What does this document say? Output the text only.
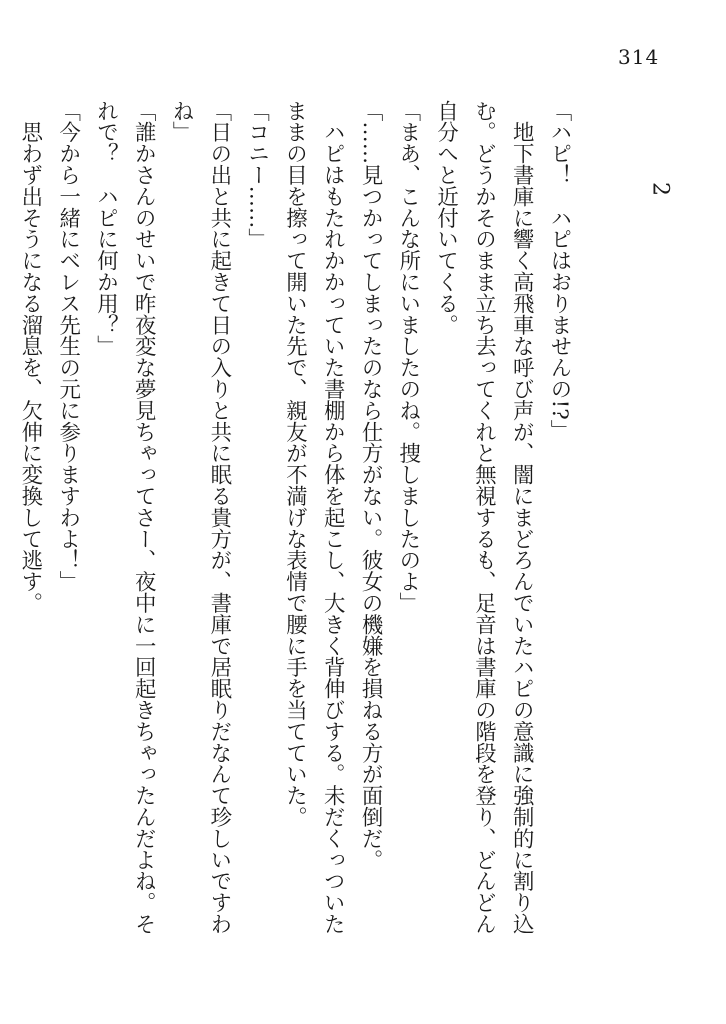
314
2
「ハピ！　ハピはおりませんの!?」
　地下書庫に響く高飛車な呼び声が、闇にまどろんでいたハピの意識に強制的に割り込
む。どうかそのまま立ち去ってくれと無視するも、足音は書庫の階段を登り、どんどん
自分へと近付いてくる。
「まあ、こんな所にいましたのね。捜しましたのよ」
「……見つかってしまったのなら仕方がない。彼女の機嫌を損ねる方が面倒だ。
　ハピはもたれかかっていた書棚から体を起こし、大きく背伸びする。未だくっついた
ままの目を擦って開いた先で、親友が不満げな表情で腰に手を当てていた。
「コニー……」
「日の出と共に起きて日の入りと共に眠る貴方が、書庫で居眠りだなんて珍しいですわ
ね」
「誰かさんのせいで昨夜変な夢見ちゃってさー、夜中に一回起きちゃったんだよね。そ
れで？　ハピに何か用？」
「今から一緒にベレス先生の元に参りますわよ！」
　思わず出そうになる溜息を、欠伸に変換して逃す。
